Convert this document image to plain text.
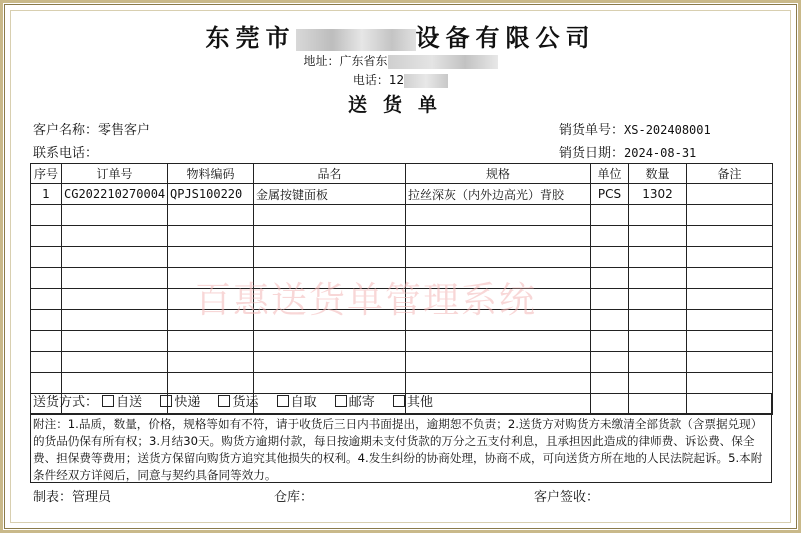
东莞市	设备有限公司
地址：广东省东
电话：12
送货单
客户名称：零售客户
联系电话：
销货单号：XS-202408001
销货日期：2024-08-31
序号	订单号	物料编码	品名	规格	单位	数量	备注
1	CG202210270004	QPJS100220	金属按键面板	拉丝深灰（内外边高光）背胶	PCS	1302	

送货方式： 自送 快递 货运 自取 邮寄 其他
附注：1.品质，数量，价格，规格等如有不符，请于收货后三日内书面提出，逾期恕不负责；2.送货方对购货方未缴清全部货款（含票据兑现）的货品仍保有所有权；3.月结30天。购货方逾期付款，每日按逾期未支付货款的万分之五支付利息，且承担因此造成的律师费、诉讼费、保全费、担保费等费用；送货方保留向购货方追究其他损失的权利。4.发生纠纷的协商处理，协商不成，可向送货方所在地的人民法院起诉。5.本附条件经双方详阅后，同意与契约具备同等效力。
制表：管理员	仓库：	客户签收：
百惠送货单管理系统
